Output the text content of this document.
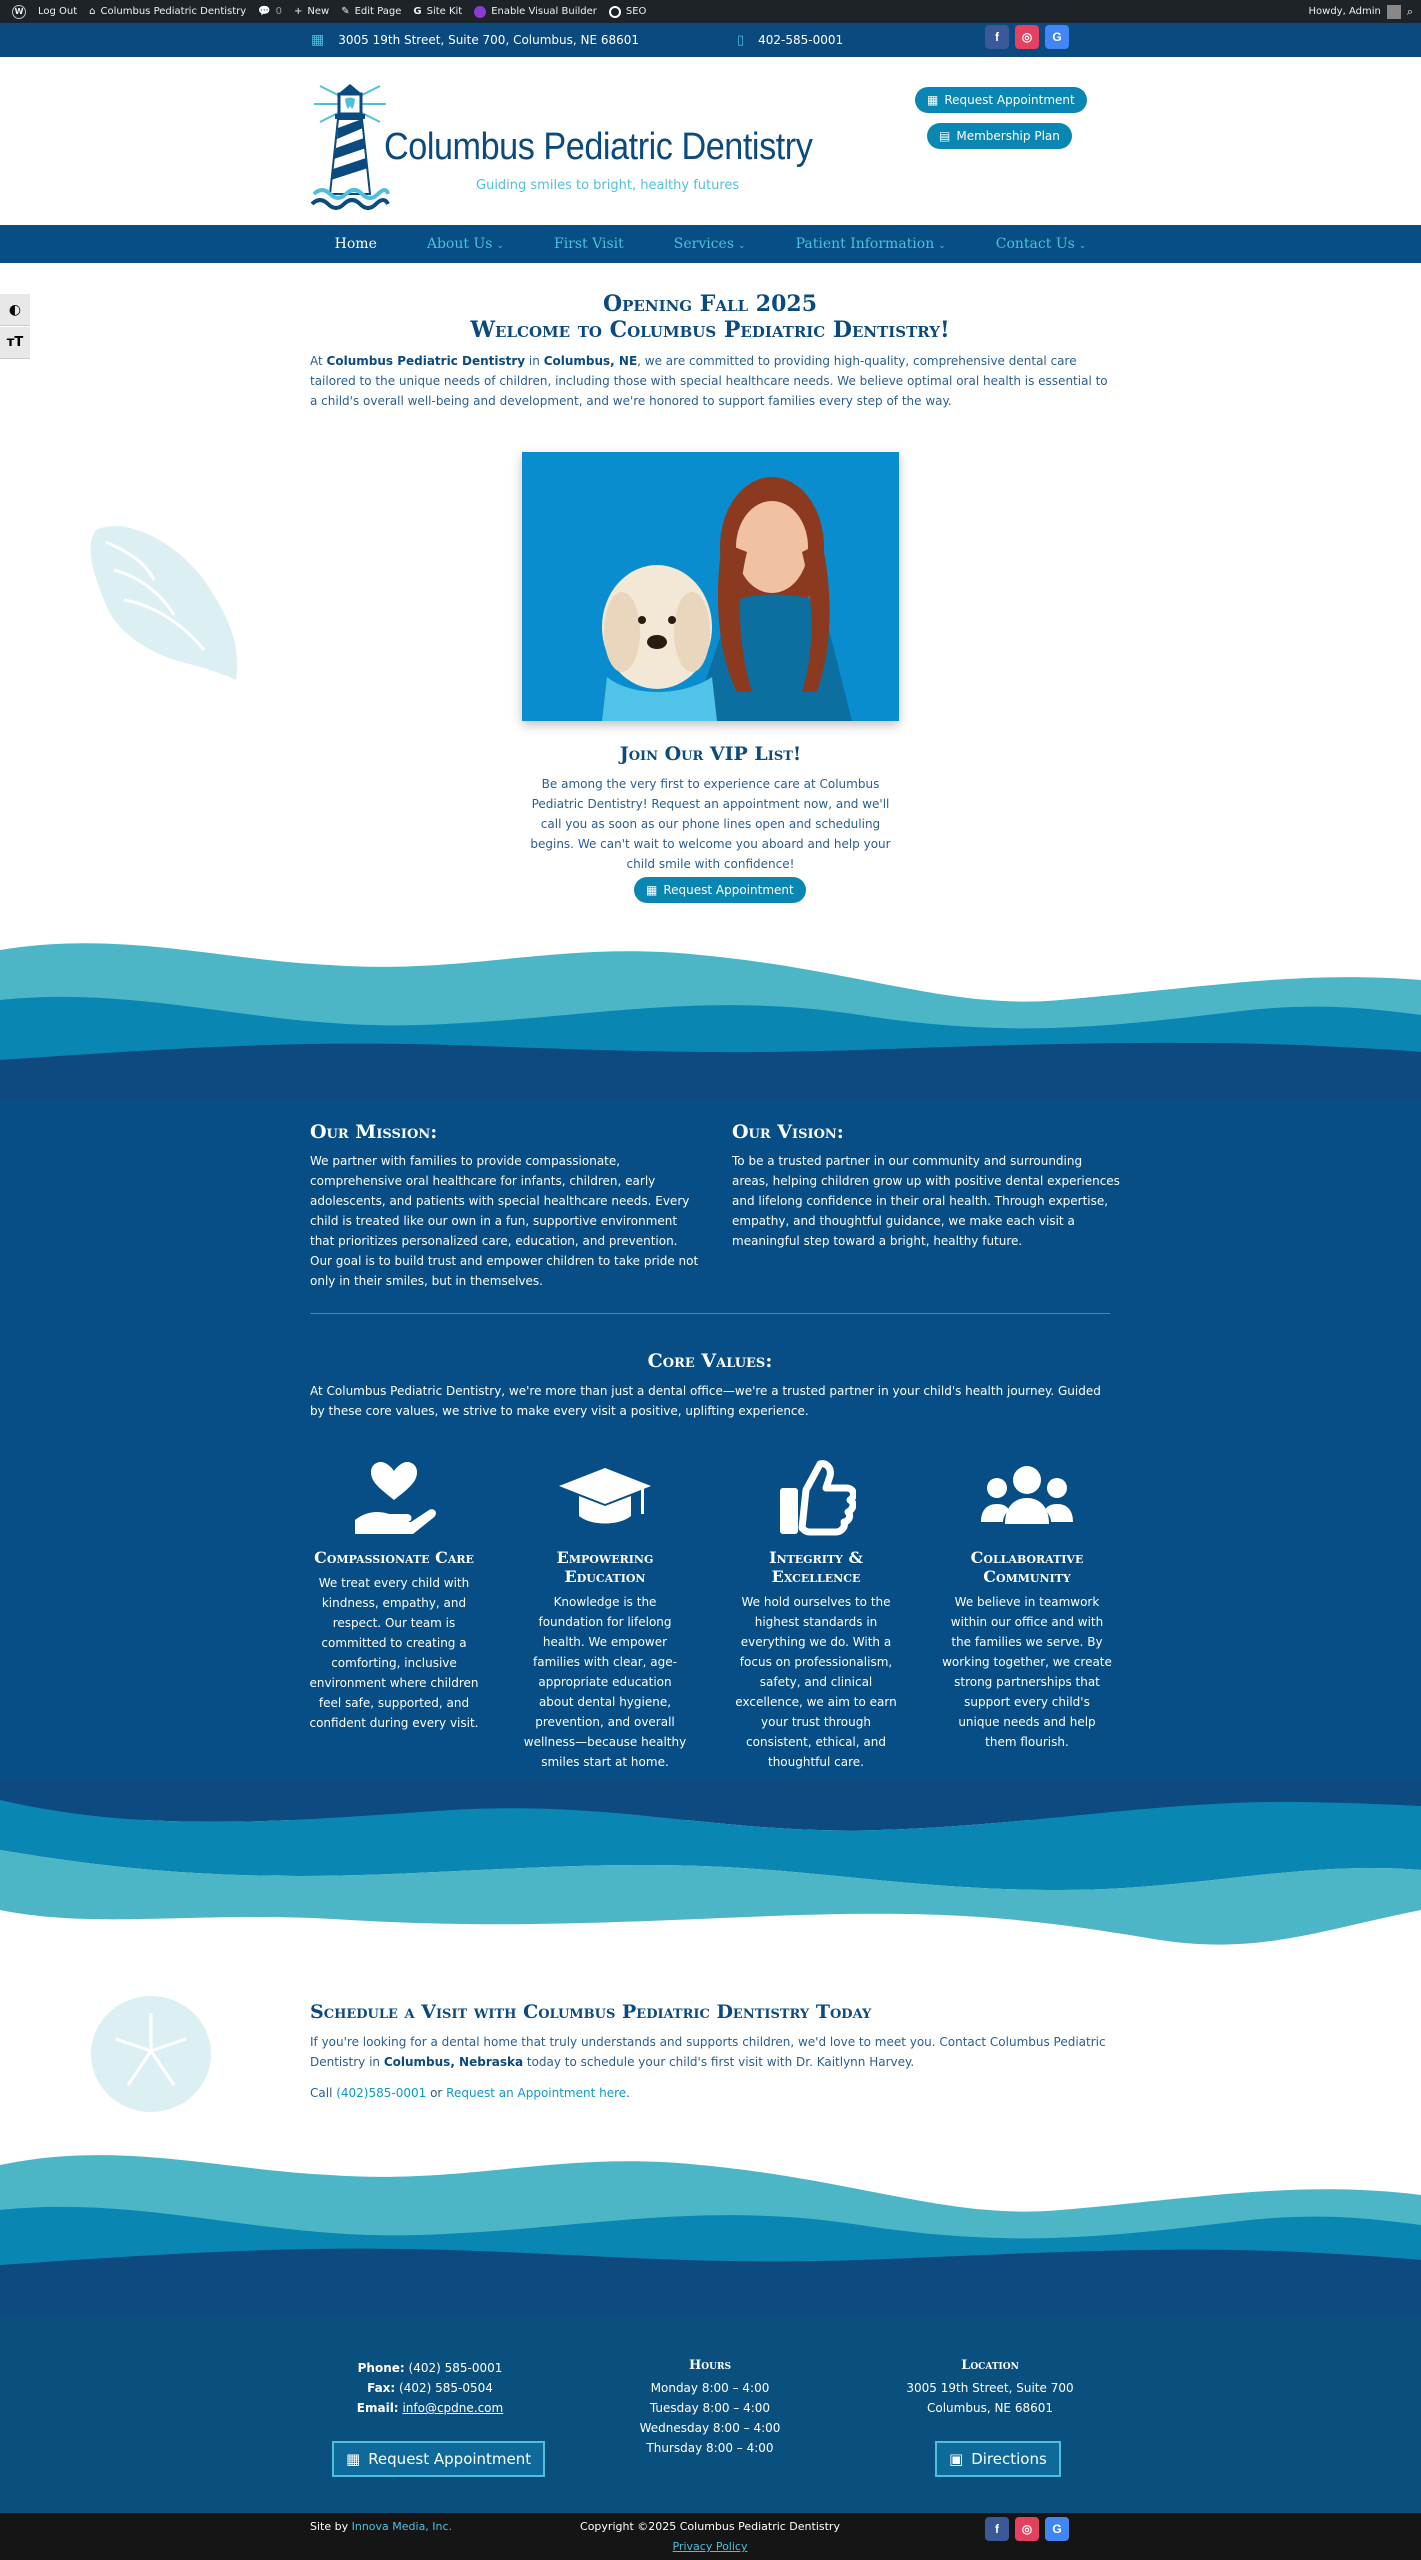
W Log Out ⌂ Columbus Pediatric Dentistry 💬 0 + New ✎ Edit Page G Site Kit	Enable Visual Builder	SEO	Howdy, Admin ⌕
▦ 3005 19th Street, Suite 700, Columbus, NE 68601	▯ 402-585-0001	f	◎	G
Columbus Pediatric Dentistry
Guiding smiles to bright, healthy futures
▦ Request Appointment
▤ Membership Plan
Home	About Us ⌄	First Visit	Services ⌄	Patient Information ⌄	Contact Us ⌄
◐
ᴛT
Opening Fall 2025
Welcome to Columbus Pediatric Dentistry!
At Columbus Pediatric Dentistry in Columbus, NE, we are committed to providing high-quality, comprehensive dental care tailored to the unique needs of children, including those with special healthcare needs. We believe optimal oral health is essential to a child's overall well-being and development, and we're honored to support families every step of the way.
Join Our VIP List!
Be among the very first to experience care at Columbus Pediatric Dentistry! Request an appointment now, and we'll call you as soon as our phone lines open and scheduling begins. We can't wait to welcome you aboard and help your child smile with confidence!
▦ Request Appointment
Our Mission:
We partner with families to provide compassionate, comprehensive oral healthcare for infants, children, early adolescents, and patients with special healthcare needs. Every child is treated like our own in a fun, supportive environment that prioritizes personalized care, education, and prevention. Our goal is to build trust and empower children to take pride not only in their smiles, but in themselves.
Our Vision:
To be a trusted partner in our community and surrounding areas, helping children grow up with positive dental experiences and lifelong confidence in their oral health. Through expertise, empathy, and thoughtful guidance, we make each visit a meaningful step toward a bright, healthy future.
Core Values:
At Columbus Pediatric Dentistry, we're more than just a dental office—we're a trusted partner in your child's health journey. Guided by these core values, we strive to make every visit a positive, uplifting experience.
Compassionate Care
We treat every child with kindness, empathy, and respect. Our team is committed to creating a comforting, inclusive environment where children feel safe, supported, and confident during every visit.
Empowering Education
Knowledge is the foundation for lifelong health. We empower families with clear, age-appropriate education about dental hygiene, prevention, and overall wellness—because healthy smiles start at home.
Integrity & Excellence
We hold ourselves to the highest standards in everything we do. With a focus on professionalism, safety, and clinical excellence, we aim to earn your trust through consistent, ethical, and thoughtful care.
Collaborative Community
We believe in teamwork within our office and with the families we serve. By working together, we create strong partnerships that support every child's unique needs and help them flourish.
Schedule a Visit with Columbus Pediatric Dentistry Today
If you're looking for a dental home that truly understands and supports children, we'd love to meet you. Contact Columbus Pediatric Dentistry in Columbus, Nebraska today to schedule your child's first visit with Dr. Kaitlynn Harvey.
Call (402)585-0001 or Request an Appointment here.
Phone: (402) 585-0001
Fax: (402) 585-0504
Email: info@cpdne.com
▦ Request Appointment
Hours
Monday 8:00 – 4:00
Tuesday 8:00 – 4:00
Wednesday 8:00 – 4:00
Thursday 8:00 – 4:00
Location
3005 19th Street, Suite 700
Columbus, NE 68601
▣ Directions
Site by Innova Media, Inc.	Copyright ©2025 Columbus Pediatric Dentistry
Privacy Policy
f	◎	G
